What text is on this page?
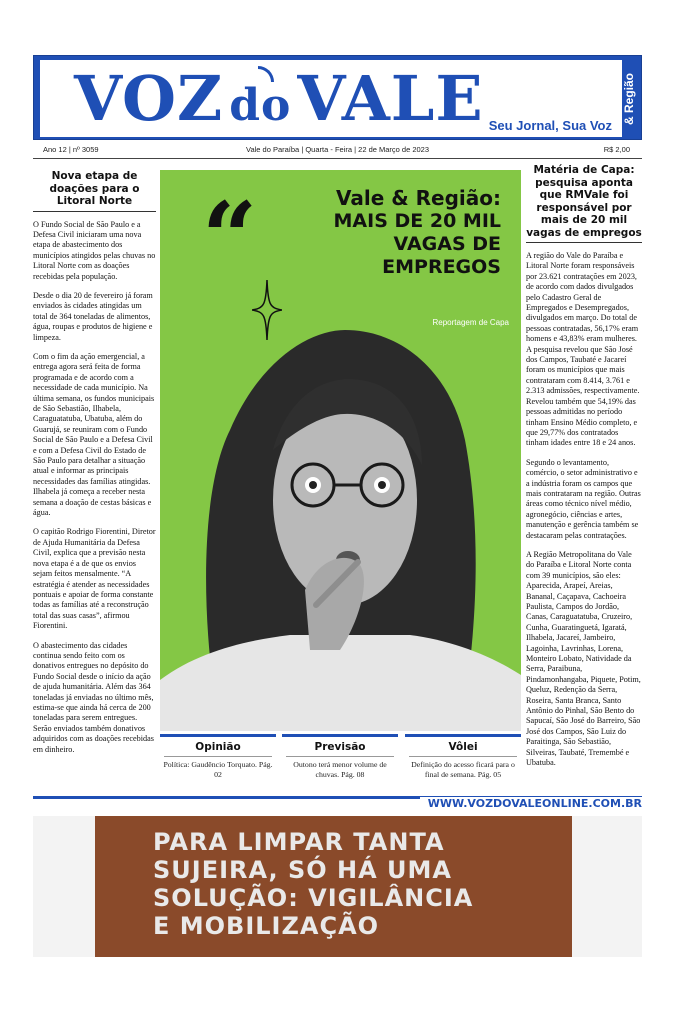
VOZ doVALE Seu Jornal, Sua Voz
& Região
Ano 12 | nº 3059	Vale do Paraíba | Quarta - Feira | 22 de Março de 2023	R$ 2,00
Nova etapa de doações para o Litoral Norte

O Fundo Social de São Paulo e a Defesa Civil iniciaram uma nova etapa de abastecimento dos municípios atingidos pelas chuvas no Litoral Norte com as doações recebidas pela população.

Desde o dia 20 de fevereiro já foram enviados às cidades atingidas um total de 364 toneladas de alimentos, água, roupas e produtos de higiene e limpeza.

Com o fim da ação emergencial, a entrega agora será feita de forma programada e de acordo com a necessidade de cada município. Na última semana, os fundos municipais de São Sebastião, Ilhabela, Caraguatatuba, Ubatuba, além do Guarujá, se reuniram com o Fundo Social de São Paulo e a Defesa Civil e com a Defesa Civil do Estado de São Paulo para detalhar a situação atual e informar as principais necessidades das famílias atingidas. Ilhabela já começa a receber nesta semana a doação de cestas básicas e água.

O capitão Rodrigo Fiorentini, Diretor de Ajuda Humanitária da Defesa Civil, explica que a previsão nesta nova etapa é a de que os envios sejam feitos mensalmente. “A estratégia é atender as necessidades pontuais e apoiar de forma constante todas as famílias até a reconstrução total das suas casas”, afirmou Fiorentini.

O abastecimento das cidades continua sendo feito com os donativos entregues no depósito do Fundo Social desde o início da ação de ajuda humanitária. Além das 364 toneladas já enviadas no último mês, estima-se que ainda há cerca de 200 toneladas para serem entregues. Serão enviados também donativos adquiridos com as doações recebidas em dinheiro.

“	Vale & Região:
MAIS DE 20 MIL
VAGAS DE
EMPREGOS
Reportagem de Capa
Opinião
Política: Gaudêncio Torquato. Pág. 02
Previsão
Outono terá menor volume de chuvas. Pág. 08
Vôlei
Definição do acesso ficará para o final de semana. Pág. 05
Matéria de Capa: pesquisa aponta que RMVale foi responsável por mais de 20 mil vagas de empregos

A região do Vale do Paraíba e Litoral Norte foram responsáveis por 23.621 contratações em 2023, de acordo com dados divulgados pelo Cadastro Geral de Empregados e Desempregados, divulgados em março. Do total de pessoas contratadas, 56,17% eram homens e 43,83% eram mulheres. A pesquisa revelou que São José dos Campos, Taubaté e Jacareí foram os municípios que mais contrataram com 8.414, 3.761 e 2.313 admissões, respectivamente. Revelou também que 54,19% das pessoas admitidas no período tinham Ensino Médio completo, e que 29,77% dos contratados tinham idades entre 18 e 24 anos.

Segundo o levantamento, comércio, o setor administrativo e a indústria foram os campos que mais contrataram na região. Outras áreas como técnico nível médio, agronegócio, ciências e artes, manutenção e gerência também se destacaram pelas contratações.

A Região Metropolitana do Vale do Paraíba e Litoral Norte conta com 39 municípios, são eles: Aparecida, Arapeí, Areias, Bananal, Caçapava, Cachoeira Paulista, Campos do Jordão, Canas, Caraguatatuba, Cruzeiro, Cunha, Guaratinguetá, Igaratá, Ilhabela, Jacareí, Jambeiro, Lagoinha, Lavrinhas, Lorena, Monteiro Lobato, Natividade da Serra, Paraibuna, Pindamonhangaba, Piquete, Potim, Queluz, Redenção da Serra, Roseira, Santa Branca, Santo Antônio do Pinhal, São Bento do Sapucaí, São José do Barreiro, São José dos Campos, São Luiz do Paraitinga, São Sebastião, Silveiras, Taubaté, Tremembé e Ubatuba.

WWW.VOZDOVALEONLINE.COM.BR
PARA LIMPAR TANTA
SUJEIRA, SÓ HÁ UMA
SOLUÇÃO: VIGILÂNCIA
E MOBILIZAÇÃO
